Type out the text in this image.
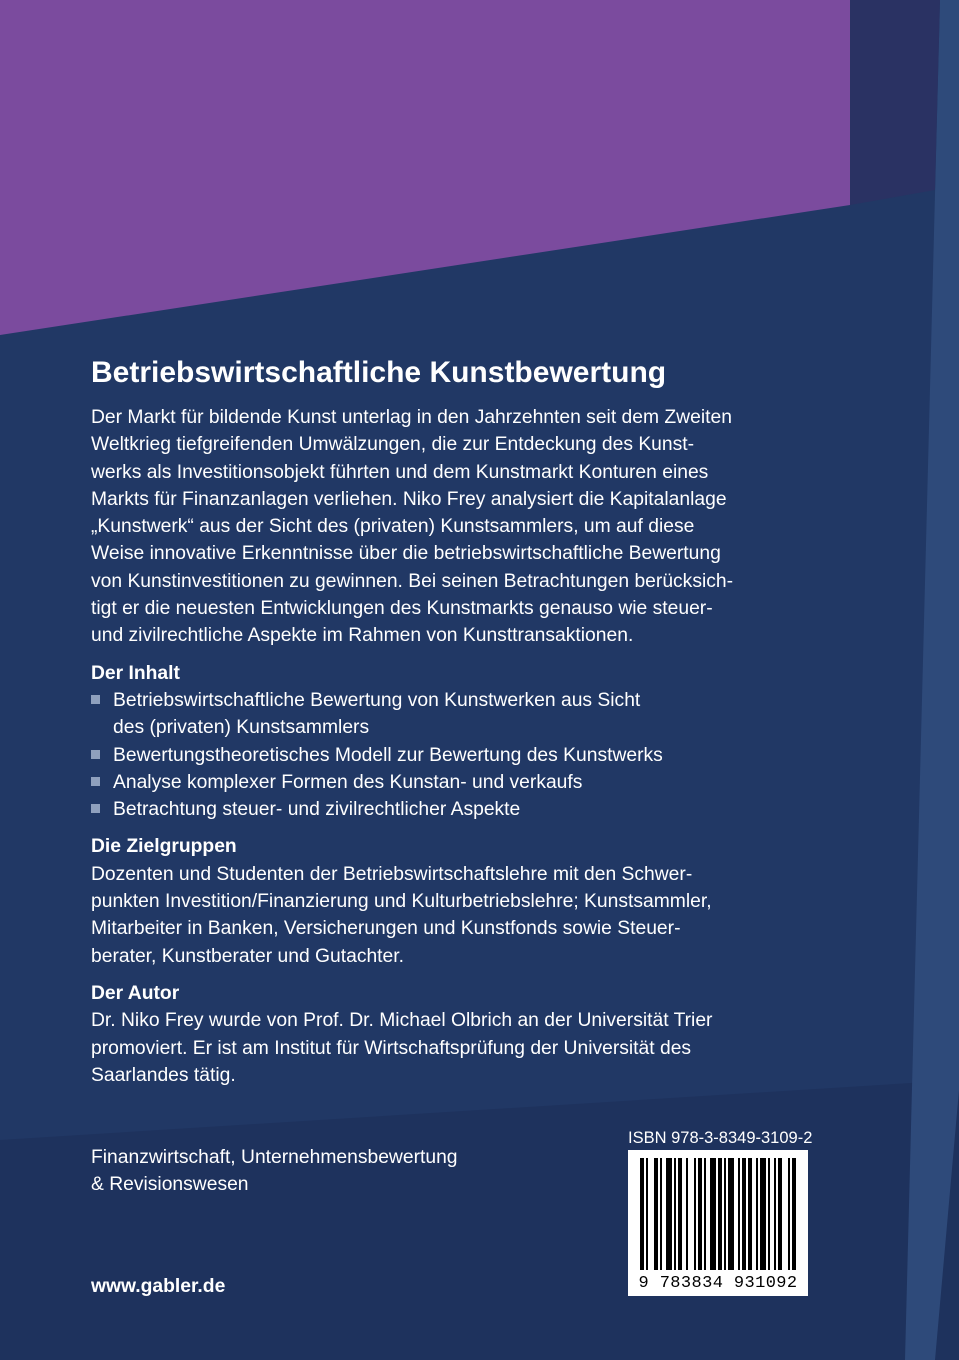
Betriebswirtschaftliche Kunstbewertung

Der Markt für bildende Kunst unterlag in den Jahrzehnten seit dem Zweiten
Weltkrieg tiefgreifenden Umwälzungen, die zur Entdeckung des Kunst-
werks als Investitionsobjekt führten und dem Kunstmarkt Konturen eines
Markts für Finanzanlagen verliehen. Niko Frey analysiert die Kapitalanlage
„Kunstwerk“ aus der Sicht des (privaten) Kunstsammlers, um auf diese
Weise innovative Erkenntnisse über die betriebswirtschaftliche Bewertung
von Kunstinvestitionen zu gewinnen. Bei seinen Betrachtungen berücksich-
tigt er die neuesten Entwicklungen des Kunstmarkts genauso wie steuer-
und zivilrechtliche Aspekte im Rahmen von Kunsttransaktionen.

Der Inhalt
Betriebswirtschaftliche Bewertung von Kunstwerken aus Sicht
des (privaten) Kunstsammlers
Bewertungstheoretisches Modell zur Bewertung des Kunstwerks
Analyse komplexer Formen des Kunstan- und verkaufs
Betrachtung steuer- und zivilrechtlicher Aspekte
Die Zielgruppen

Dozenten und Studenten der Betriebswirtschaftslehre mit den Schwer-
punkten Investition/Finanzierung und Kulturbetriebslehre; Kunstsammler,
Mitarbeiter in Banken, Versicherungen und Kunstfonds sowie Steuer-
berater, Kunstberater und Gutachter.

Der Autor

Dr. Niko Frey wurde von Prof. Dr. Michael Olbrich an der Universität Trier
promoviert. Er ist am Institut für Wirtschaftsprüfung der Universität des
Saarlandes tätig.

Finanzwirtschaft, Unternehmensbewertung
& Revisionswesen
www.gabler.de
ISBN 978-3-8349-3109-2
9 783834 931092
